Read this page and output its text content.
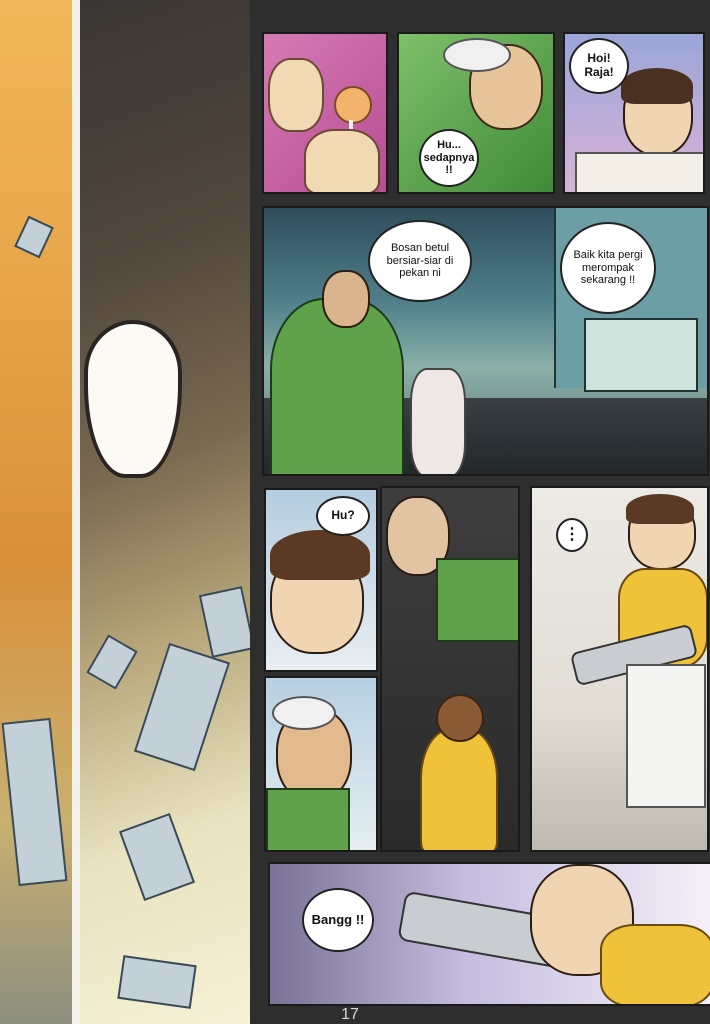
Hu... sedapnya !!
Hoi! Raja!
Bosan betul bersiar-siar di pekan ni
Baik kita pergi merompak sekarang !!
Hu?
⋮
Bangg !!
17
